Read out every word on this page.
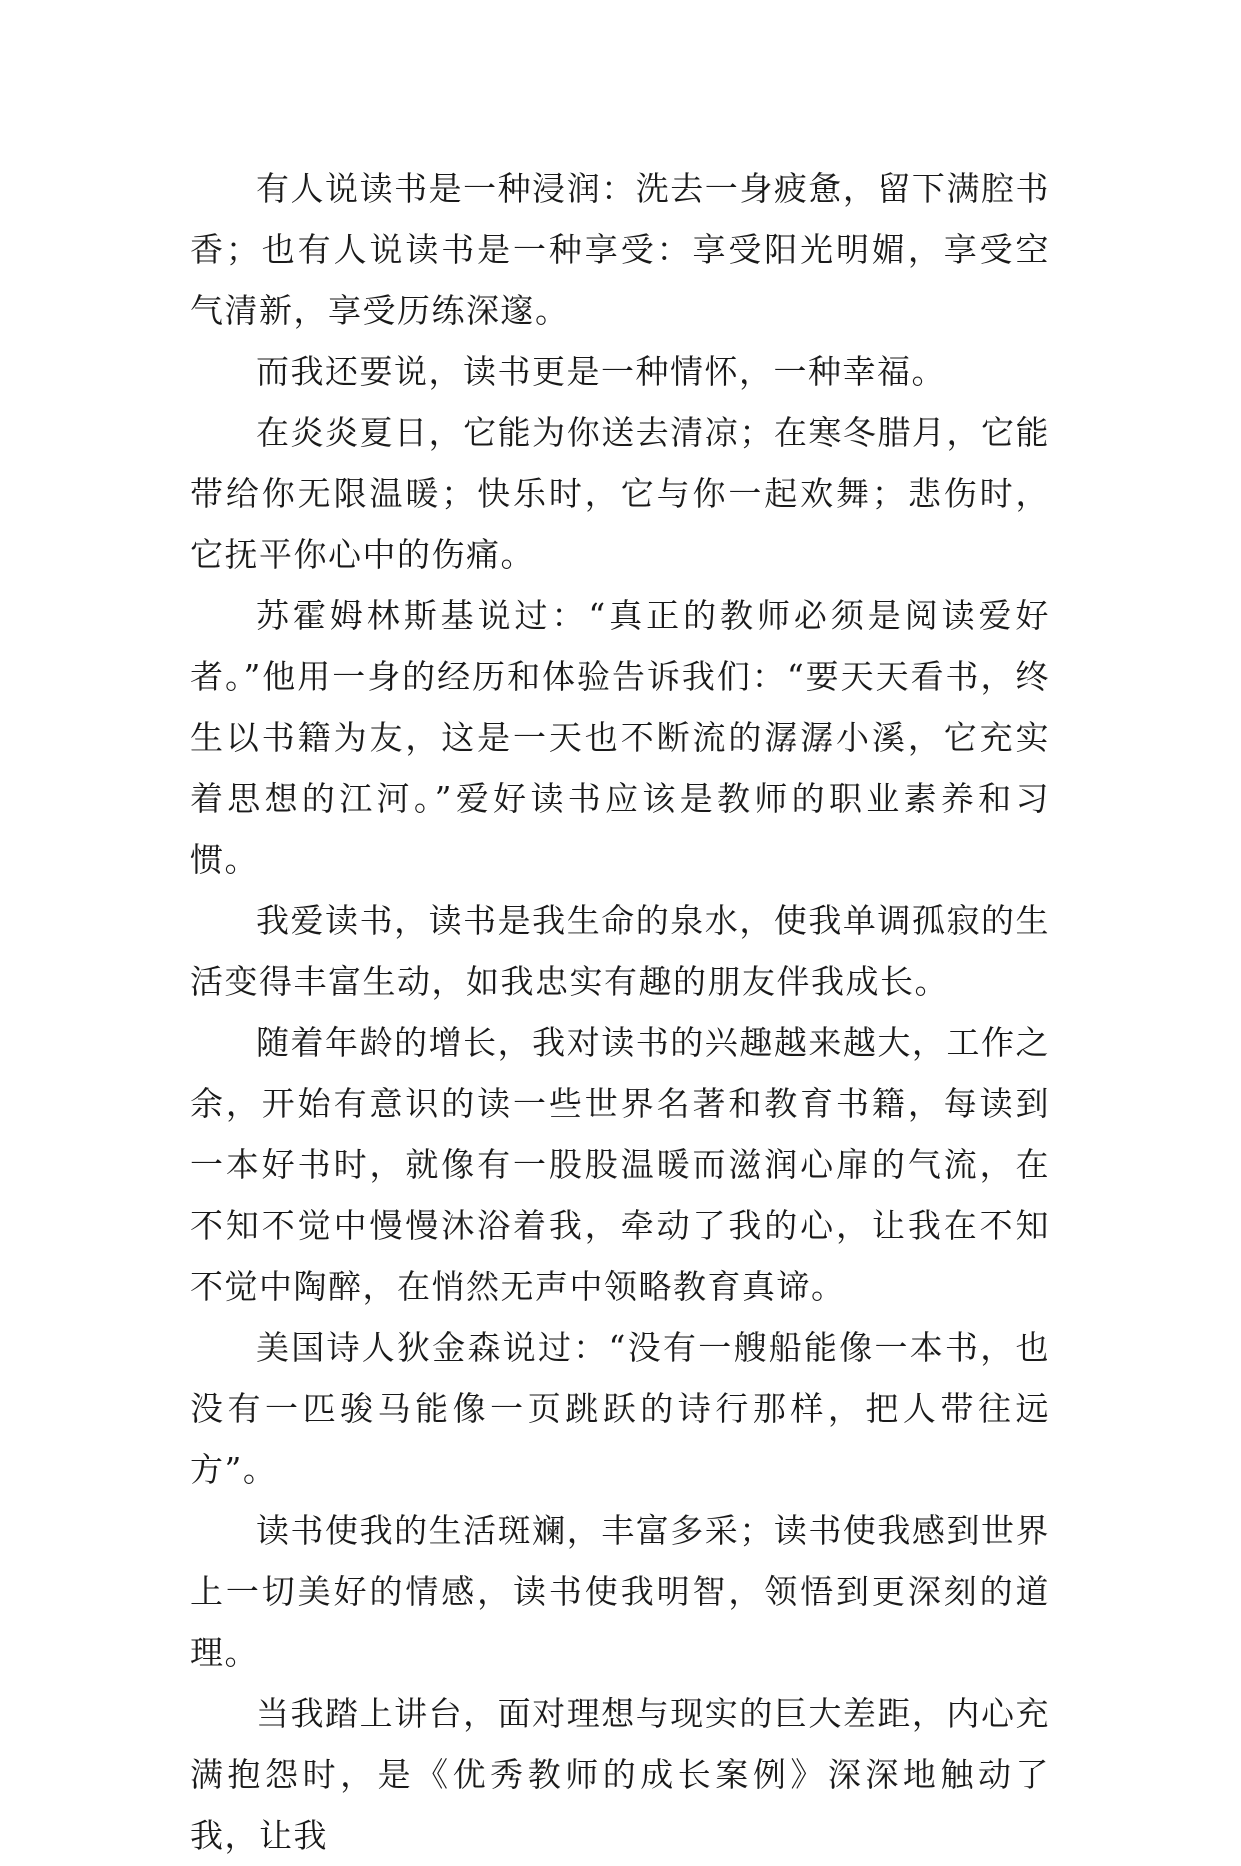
有人说读书是一种浸润：洗去一身疲惫，留下满腔书香；也有人说读书是一种享受：享受阳光明媚，享受空气清新，享受历练深邃。

而我还要说，读书更是一种情怀，一种幸福。

在炎炎夏日，它能为你送去清凉；在寒冬腊月，它能带给你无限温暖；快乐时，它与你一起欢舞；悲伤时，它抚平你心中的伤痛。

苏霍姆林斯基说过：“真正的教师必须是阅读爱好者。”他用一身的经历和体验告诉我们：“要天天看书，终生以书籍为友，这是一天也不断流的潺潺小溪，它充实着思想的江河。”爱好读书应该是教师的职业素养和习惯。

我爱读书，读书是我生命的泉水，使我单调孤寂的生活变得丰富生动，如我忠实有趣的朋友伴我成长。

随着年龄的增长，我对读书的兴趣越来越大，工作之余，开始有意识的读一些世界名著和教育书籍，每读到一本好书时，就像有一股股温暖而滋润心扉的气流，在不知不觉中慢慢沐浴着我，牵动了我的心，让我在不知不觉中陶醉，在悄然无声中领略教育真谛。

美国诗人狄金森说过：“没有一艘船能像一本书，也没有一匹骏马能像一页跳跃的诗行那样，把人带往远方”。

读书使我的生活斑斓，丰富多采；读书使我感到世界上一切美好的情感，读书使我明智，领悟到更深刻的道理。

当我踏上讲台，面对理想与现实的巨大差距，内心充满抱怨时，是《优秀教师的成长案例》深深地触动了我，让我
